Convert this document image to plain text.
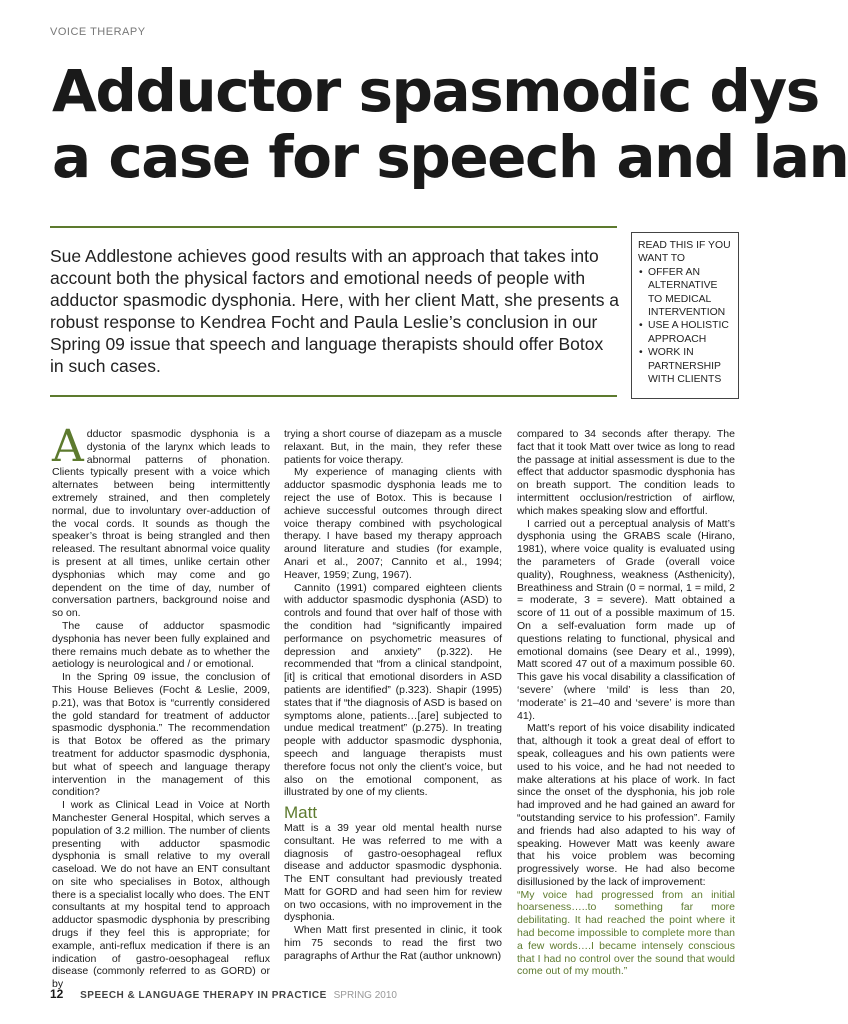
VOICE THERAPY
Adductor spasmodic dys
a case for speech and lan
Sue Addlestone achieves good results with an approach that takes into account both the physical factors and emotional needs of people with adductor spasmodic dysphonia. Here, with her client Matt, she presents a robust response to Kendrea Focht and Paula Leslie’s conclusion in our Spring 09 issue that speech and language therapists should offer Botox in such cases.
READ THIS IF YOU WANT TO
• OFFER AN ALTERNATIVE TO MEDICAL INTERVENTION
• USE A HOLISTIC APPROACH
• WORK IN PARTNERSHIP WITH CLIENTS

Adductor spasmodic dysphonia is a dystonia of the larynx which leads to abnormal patterns of phonation. Clients typically present with a voice which alternates between being intermittently extremely strained, and then completely normal, due to involuntary over-adduction of the vocal cords. It sounds as though the speaker’s throat is being strangled and then released. The resultant abnormal voice quality is present at all times, unlike certain other dysphonias which may come and go dependent on the time of day, number of conversation partners, background noise and so on.

The cause of adductor spasmodic dysphonia has never been fully explained and there remains much debate as to whether the aetiology is neurological and / or emotional.

In the Spring 09 issue, the conclusion of This House Believes (Focht & Leslie, 2009, p.21), was that Botox is “currently considered the gold standard for treatment of adductor spasmodic dysphonia.” The recommendation is that Botox be offered as the primary treatment for adductor spasmodic dysphonia, but what of speech and language therapy intervention in the management of this condition?

I work as Clinical Lead in Voice at North Manchester General Hospital, which serves a population of 3.2 million. The number of clients presenting with adductor spasmodic dysphonia is small relative to my overall caseload. We do not have an ENT consultant on site who specialises in Botox, although there is a specialist locally who does. The ENT consultants at my hospital tend to approach adductor spasmodic dysphonia by prescribing drugs if they feel this is appropriate; for example, anti-reflux medication if there is an indication of gastro-oesophageal reflux disease (commonly referred to as GORD) or by

trying a short course of diazepam as a muscle relaxant. But, in the main, they refer these patients for voice therapy.

My experience of managing clients with adductor spasmodic dysphonia leads me to reject the use of Botox. This is because I achieve successful outcomes through direct voice therapy combined with psychological therapy. I have based my therapy approach around literature and studies (for example, Anari et al., 2007; Cannito et al., 1994; Heaver, 1959; Zung, 1967).

Cannito (1991) compared eighteen clients with adductor spasmodic dysphonia (ASD) to controls and found that over half of those with the condition had “significantly impaired performance on psychometric measures of depression and anxiety” (p.322). He recommended that “from a clinical standpoint, [it] is critical that emotional disorders in ASD patients are identified” (p.323). Shapir (1995) states that if “the diagnosis of ASD is based on symptoms alone, patients…[are] subjected to undue medical treatment” (p.275). In treating people with adductor spasmodic dysphonia, speech and language therapists must therefore focus not only the client’s voice, but also on the emotional component, as illustrated by one of my clients.

Matt

Matt is a 39 year old mental health nurse consultant. He was referred to me with a diagnosis of gastro-oesophageal reflux disease and adductor spasmodic dysphonia. The ENT consultant had previously treated Matt for GORD and had seen him for review on two occasions, with no improvement in the dysphonia.

When Matt first presented in clinic, it took him 75 seconds to read the first two paragraphs of Arthur the Rat (author unknown)

compared to 34 seconds after therapy. The fact that it took Matt over twice as long to read the passage at initial assessment is due to the effect that adductor spasmodic dysphonia has on breath support. The condition leads to intermittent occlusion/restriction of airflow, which makes speaking slow and effortful.

I carried out a perceptual analysis of Matt’s dysphonia using the GRABS scale (Hirano, 1981), where voice quality is evaluated using the parameters of Grade (overall voice quality), Roughness, weakness (Asthenicity), Breathiness and Strain (0 = normal, 1 = mild, 2 = moderate, 3 = severe). Matt obtained a score of 11 out of a possible maximum of 15. On a self-evaluation form made up of questions relating to functional, physical and emotional domains (see Deary et al., 1999), Matt scored 47 out of a maximum possible 60. This gave his vocal disability a classification of ‘severe’ (where ‘mild’ is less than 20, ‘moderate’ is 21–40 and ‘severe’ is more than 41).

Matt’s report of his voice disability indicated that, although it took a great deal of effort to speak, colleagues and his own patients were used to his voice, and he had not needed to make alterations at his place of work. In fact since the onset of the dysphonia, his job role had improved and he had gained an award for “outstanding service to his profession”. Family and friends had also adapted to his way of speaking. However Matt was keenly aware that his voice problem was becoming progressively worse. He had also become disillusioned by the lack of improvement:

“My voice had progressed from an initial hoarseness…..to something far more debilitating. It had reached the point where it had become impossible to complete more than a few words….I became intensely conscious that I had no control over the sound that would come out of my mouth.”

12 SPEECH & LANGUAGE THERAPY IN PRACTICE SPRING 2010
